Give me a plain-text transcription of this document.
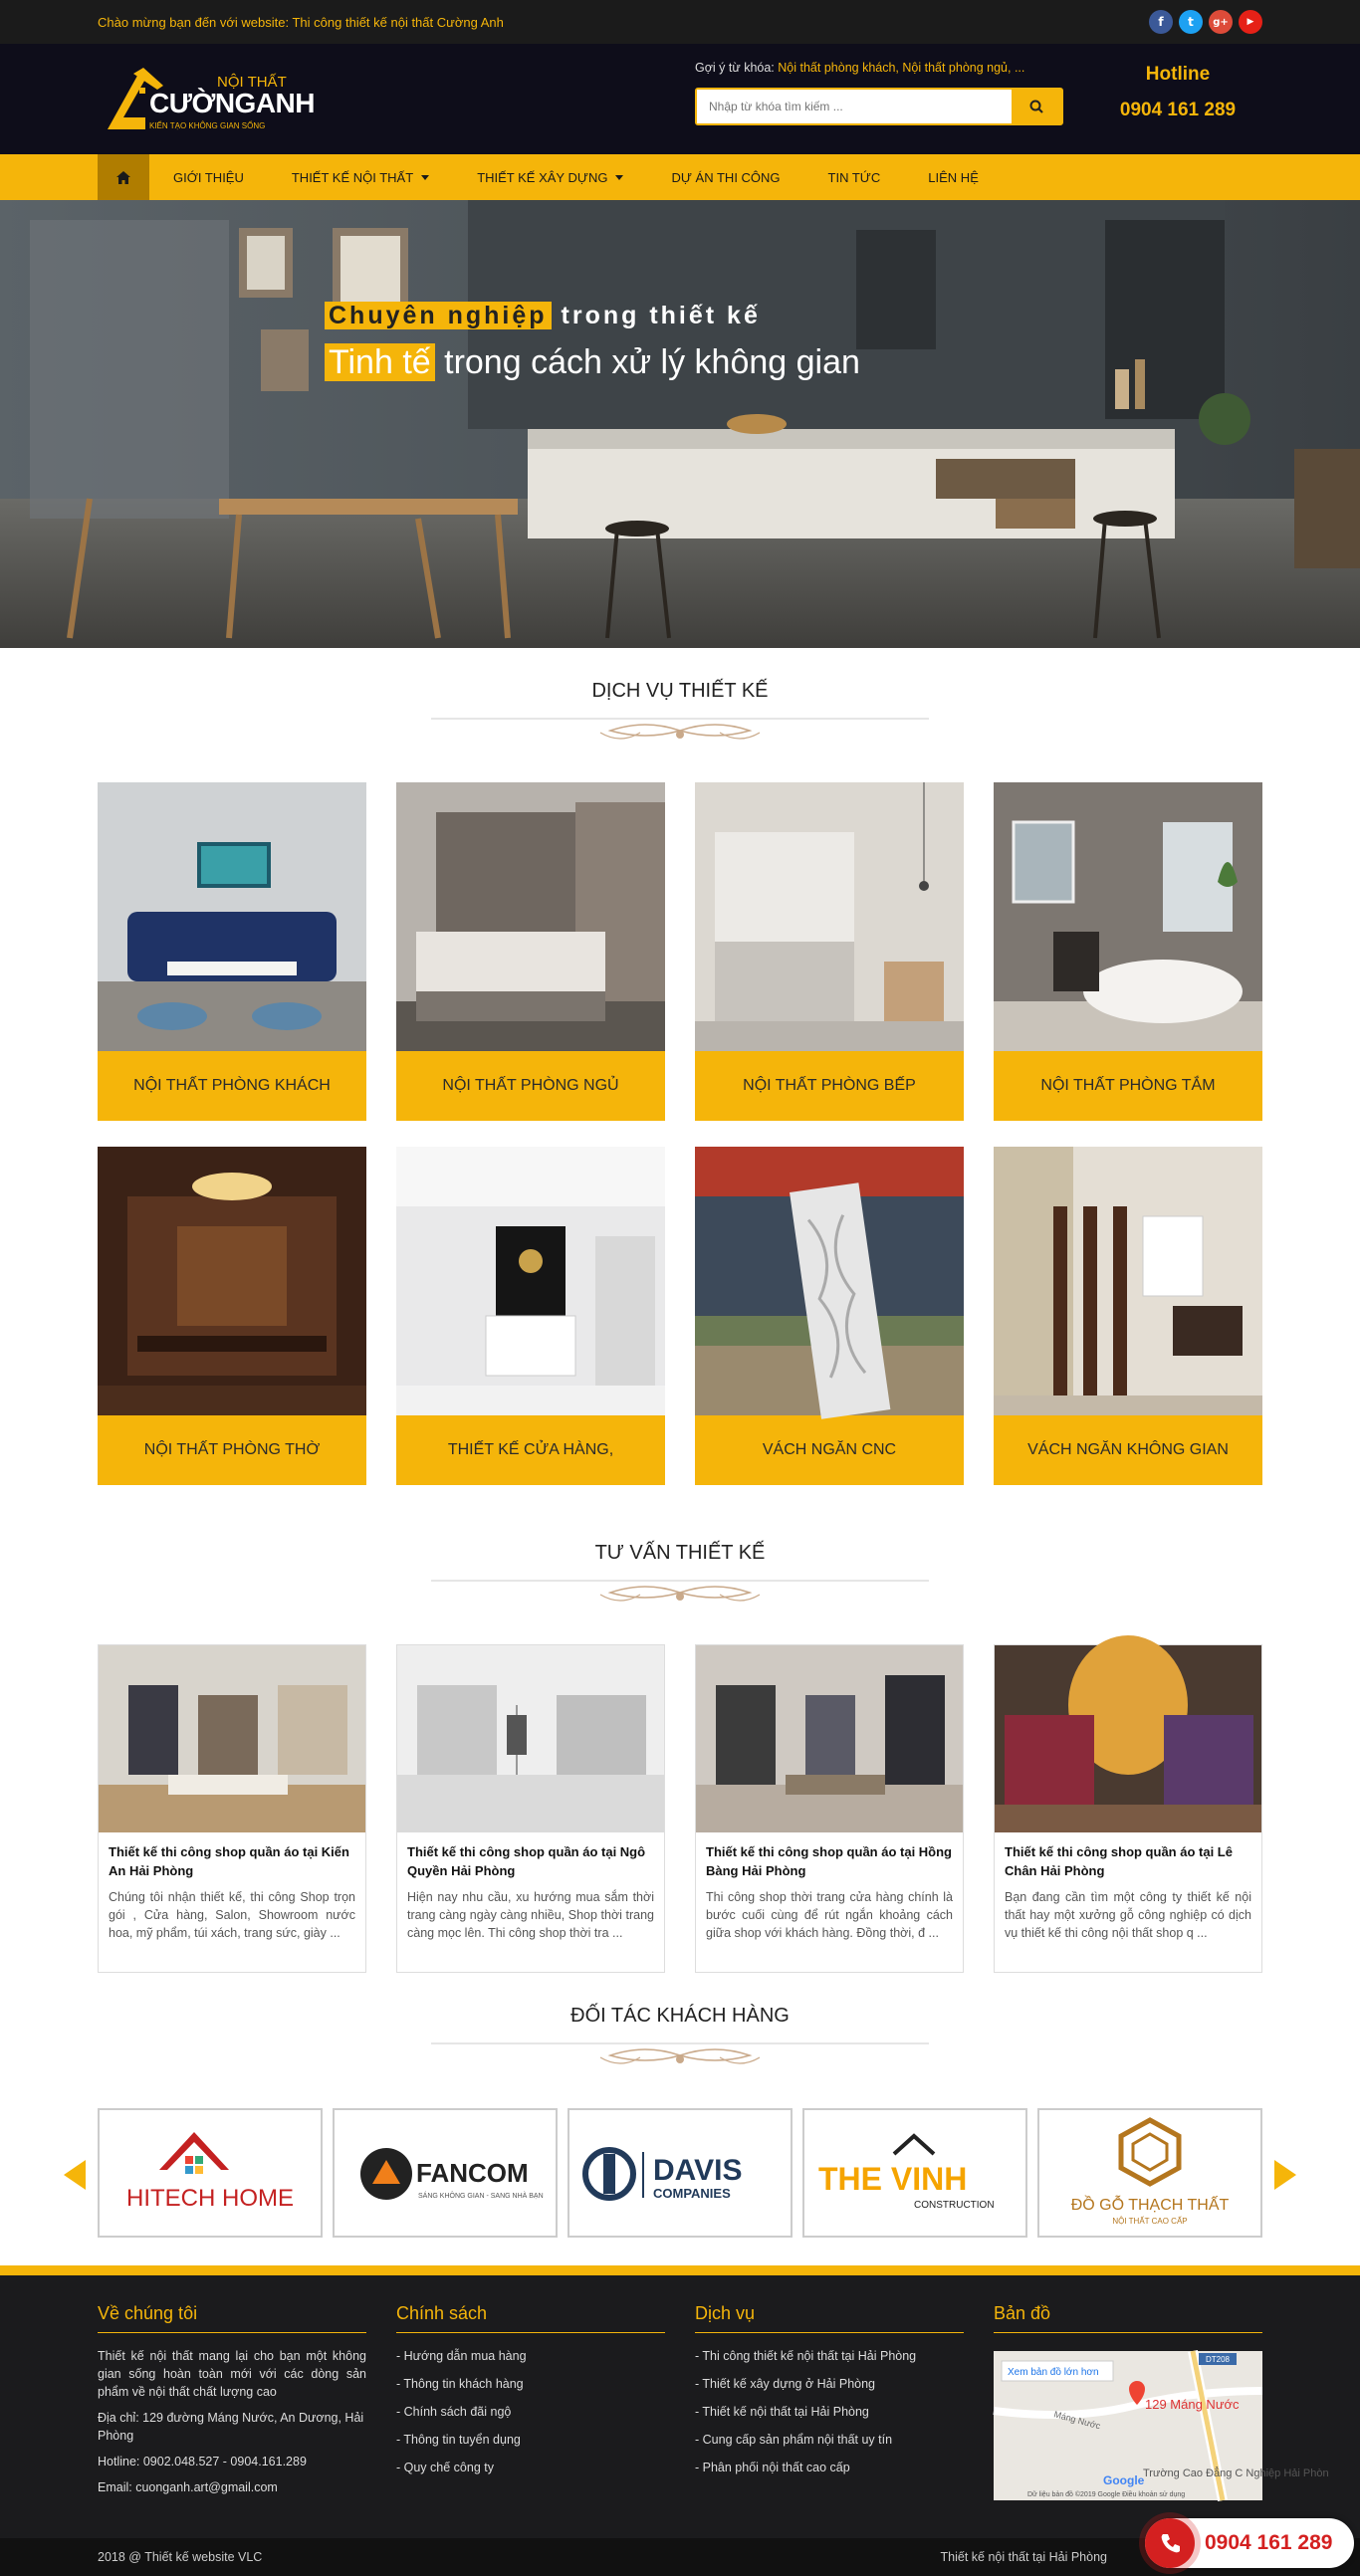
Chào mừng bạn đến với website: Thi công thiết kế nội thất Cường Anh	f	t	g+	▶
NỘI THẤT
CƯỜNGANH
KIẾN TẠO KHÔNG GIAN SỐNG
Gợi ý từ khóa: Nội thất phòng khách, Nội thất phòng ngủ, ...
Nhập từ khóa tìm kiếm ...	Hotline
0904 161 289
GIỚI THIỆU	THIẾT KẾ NỘI THẤT	THIẾT KẾ XÂY DỰNG	DỰ ÁN THI CÔNG	TIN TỨC	LIÊN HỆ
Chuyên nghiệp trong thiết kế
Tinh tế trong cách xử lý không gian
DỊCH VỤ THIẾT KẾ
NỘI THẤT PHÒNG KHÁCH	NỘI THẤT PHÒNG NGỦ	NỘI THẤT PHÒNG BẾP	NỘI THẤT PHÒNG TẮM
NỘI THẤT PHÒNG THỜ	THIẾT KẾ CỬA HÀNG,	VÁCH NGĂN CNC	VÁCH NGĂN KHÔNG GIAN
TƯ VẤN THIẾT KẾ
Thiết kế thi công shop quần áo tại Kiến An Hải Phòng
Chúng tôi nhận thiết kế, thi công Shop trọn gói , Cửa hàng, Salon, Showroom nước hoa, mỹ phẩm, túi xách, trang sức, giày ...
Thiết kế thi công shop quần áo tại Ngô Quyền Hải Phòng
Hiện nay nhu cầu, xu hướng mua sắm thời trang càng ngày càng nhiều, Shop thời trang càng mọc lên. Thi công shop thời tra ...
Thiết kế thi công shop quần áo tại Hồng Bàng Hải Phòng
Thi công shop thời trang cửa hàng chính là bước cuối cùng để rút ngắn khoảng cách giữa shop với khách hàng. Đồng thời, đ ...
Thiết kế thi công shop quần áo tại Lê Chân Hải Phòng
Bạn đang cần tìm một công ty thiết kế nội thất hay một xưởng gỗ công nghiệp có dịch vụ thiết kế thi công nội thất shop q ...
ĐỐI TÁC KHÁCH HÀNG
HITECH HOME
FANCOM
SÁNG KHÔNG GIAN - SANG NHÀ BẠN
DAVIS
COMPANIES	THE VINH
CONSTRUCTION	ĐỒ GỖ THẠCH THẤT
NỘI THẤT CAO CẤP
Về chúng tôi

Thiết kế nội thất mang lại cho bạn một không gian sống hoàn toàn mới với các dòng sản phẩm về nội thất chất lượng cao

Địa chỉ: 129 đường Máng Nước, An Dương, Hải Phòng

Hotline: 0902.048.527 - 0904.161.289

Email: cuonganh.art@gmail.com

Chính sách
- Hướng dẫn mua hàng
- Thông tin khách hàng
- Chính sách đãi ngộ
- Thông tin tuyển dụng
- Quy chế công ty
Dịch vụ
- Thi công thiết kế nội thất tại Hải Phòng
- Thiết kế xây dựng ở Hải Phòng
- Thiết kế nội thất tại Hải Phòng
- Cung cấp sản phẩm nội thất uy tín
- Phân phối nội thất cao cấp
Bản đồ
DT208
Xem bản đồ lớn hơn
129 Máng Nước
Máng Nước
Trường Cao Đẳng C Nghiệp Hải Phòn
Google
Dữ liệu bản đồ ©2019 Google Điều khoản sử dụng
2018 @ Thiết kế website VLC	Thiết kế nội thất tại Hải Phòng
0904 161 289
